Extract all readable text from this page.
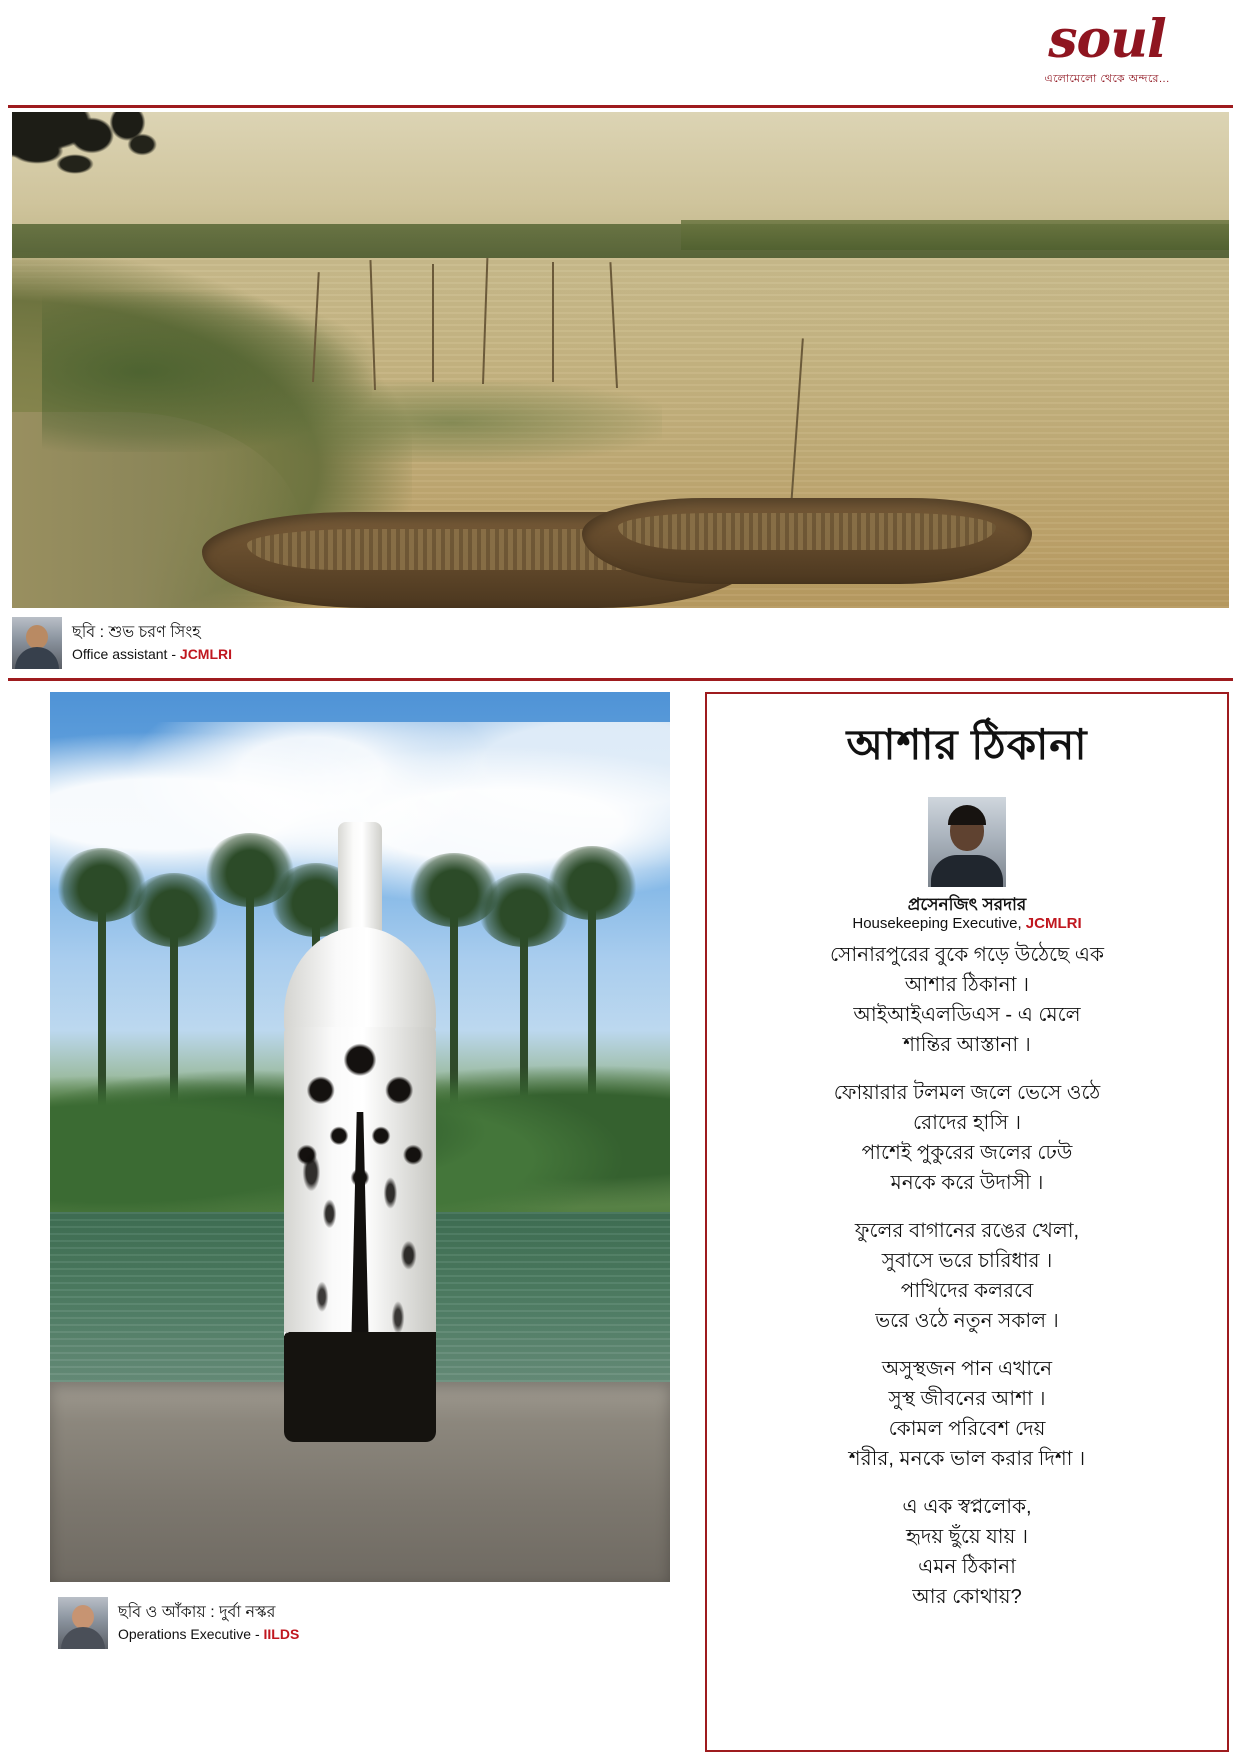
soul
এলোমেলো থেকে অন্দরে...
ছবি : শুভ চরণ সিংহ
Office assistant - JCMLRI
ছবি ও আঁকায় : দুর্বা নস্কর
Operations Executive - IILDS
আশার ঠিকানা
প্রসেনজিৎ সরদার
Housekeeping Executive, JCMLRI
সোনারপুরের বুকে গড়ে উঠেছে এক
আশার ঠিকানা ।
আইআইএলডিএস - এ মেলে
শান্তির আস্তানা ।
ফোয়ারার টলমল জলে ভেসে ওঠে
রোদের হাসি ।
পাশেই পুকুরের জলের ঢেউ
মনকে করে উদাসী ।
ফুলের বাগানের রঙের খেলা,
সুবাসে ভরে চারিধার ।
পাখিদের কলরবে
ভরে ওঠে নতুন সকাল ।
অসুস্থজন পান এখানে
সুস্থ জীবনের আশা ।
কোমল পরিবেশ দেয়
শরীর, মনকে ভাল করার দিশা ।
এ এক স্বপ্নলোক,
হৃদয় ছুঁয়ে যায় ।
এমন ঠিকানা
আর কোথায়?
